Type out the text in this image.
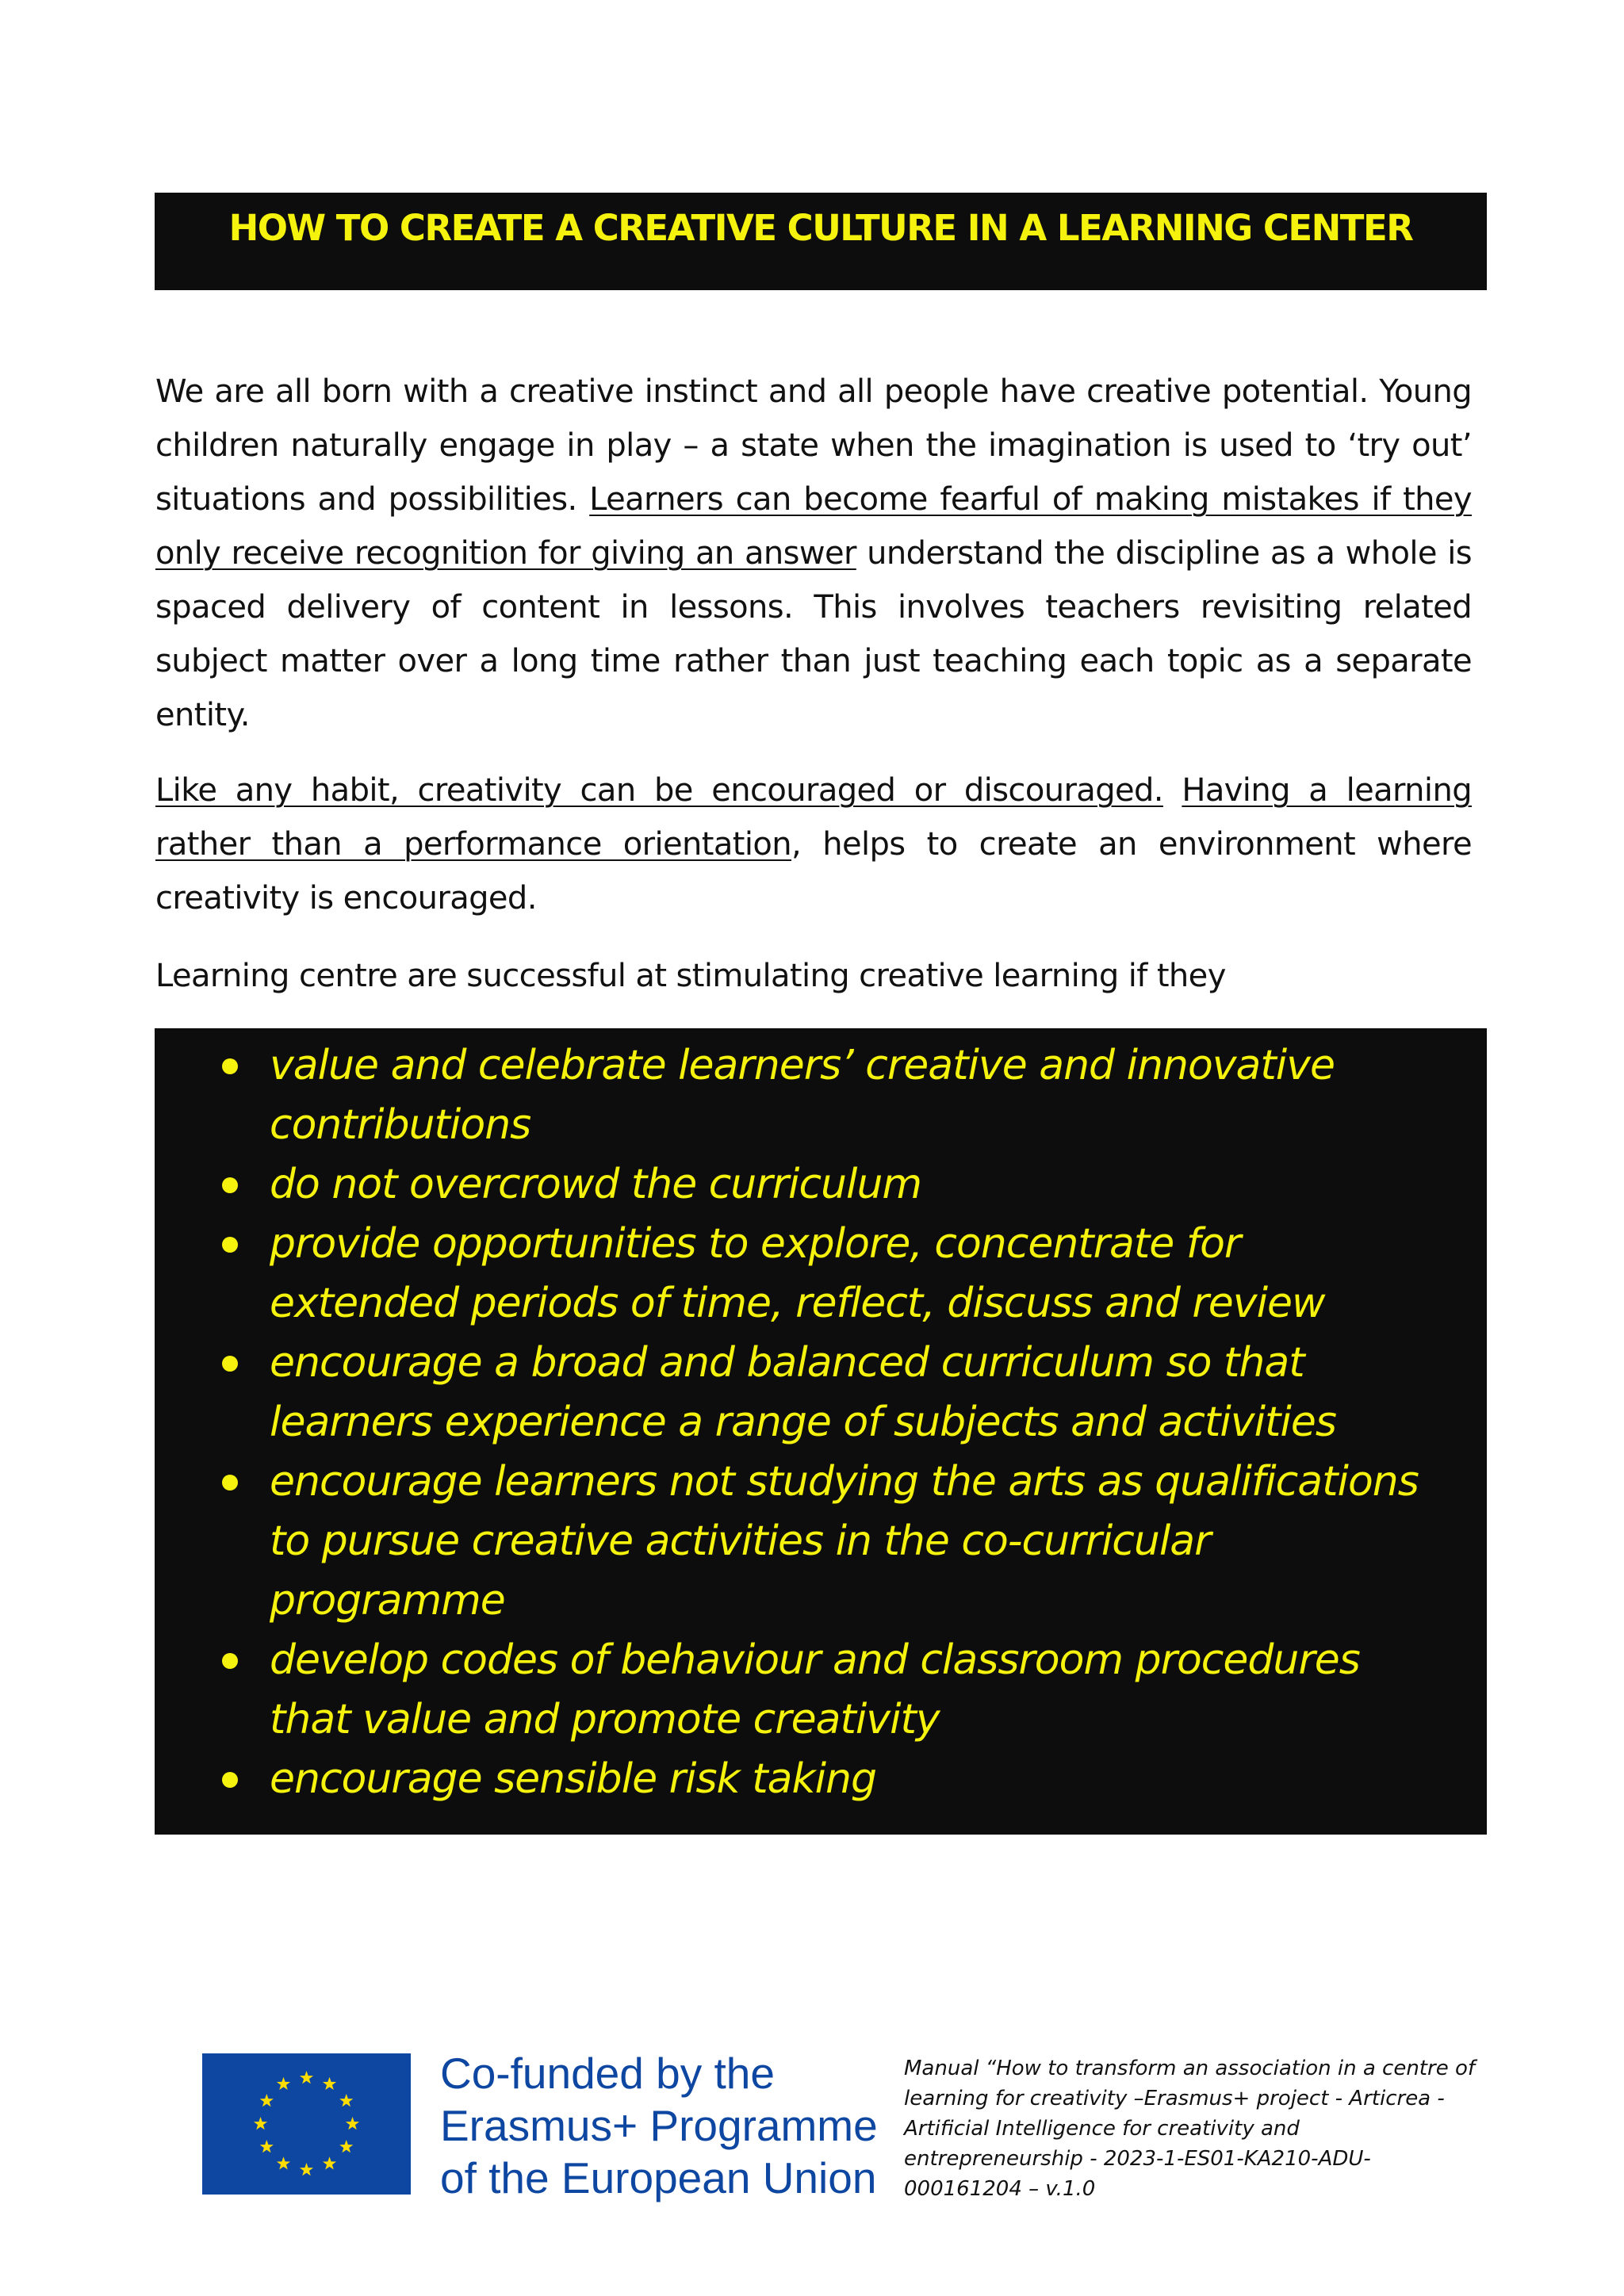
HOW TO CREATE A CREATIVE CULTURE IN A LEARNING CENTER

We are all born with a creative instinct and all people have creative potential. Young children naturally engage in play – a state when the imagination is used to ‘try out’ situations and possibilities. Learners can become fearful of making mistakes if they only receive recognition for giving an answer understand the discipline as a whole is spaced delivery of content in lessons. This involves teachers revisiting related subject matter over a long time rather than just teaching each topic as a separate entity.

Like any habit, creativity can be encouraged or discouraged. Having a learning rather than a performance orientation, helps to create an environment where creativity is encouraged.

Learning centre are successful at stimulating creative learning if they

value and celebrate learners’ creative and innovative contributions
do not overcrowd the curriculum
provide opportunities to explore, concentrate for extended periods of time, reflect, discuss and review
encourage a broad and balanced curriculum so that learners experience a range of subjects and activities
encourage learners not studying the arts as qualifications to pursue creative activities in the co-curricular programme
develop codes of behaviour and classroom procedures that value and promote creativity
encourage sensible risk taking
Co-funded by the
Erasmus+ Programme
of the European Union
Manual “How to transform an association in a centre of learning for creativity –Erasmus+ project - Articrea - Artificial Intelligence for creativity and entrepreneurship - 2023-1-ES01-KA210-ADU-000161204 – v.1.0
